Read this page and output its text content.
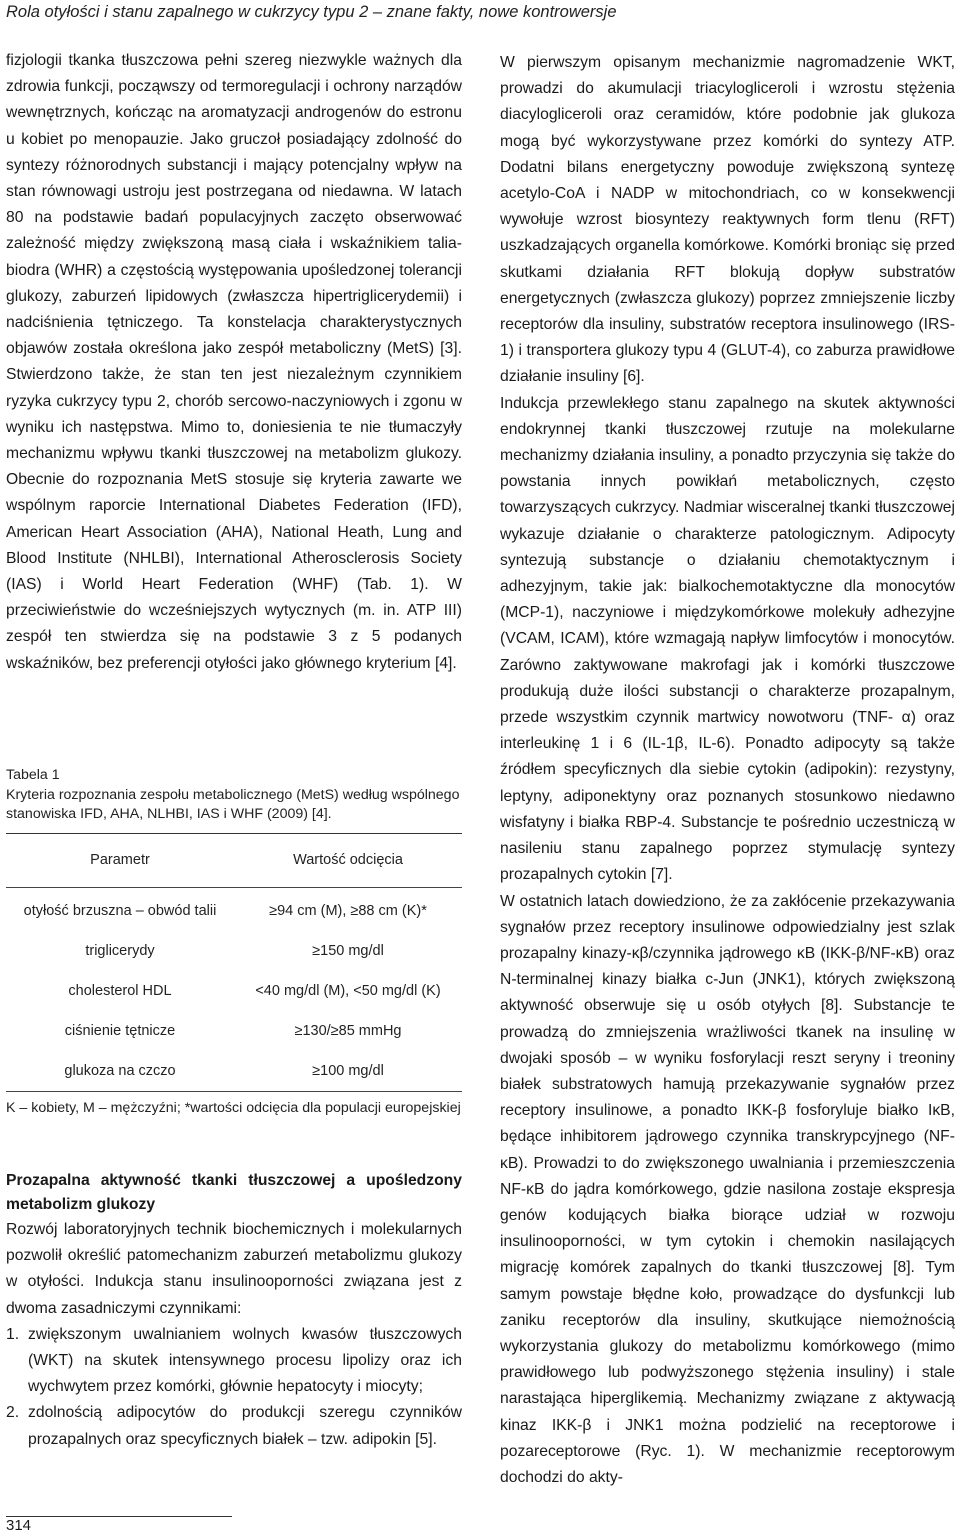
Rola otyłości i stanu zapalnego w cukrzycy typu 2 – znane fakty, nowe kontrowersje

fizjologii tkanka tłuszczowa pełni szereg niezwykle ważnych dla zdrowia funkcji, począwszy od termoregulacji i ochrony narządów wewnętrznych, kończąc na aromatyzacji androgenów do estronu u kobiet po menopauzie. Jako gruczoł posiadający zdolność do syntezy różnorodnych substancji i mający potencjalny wpływ na stan równowagi ustroju jest postrzegana od niedawna. W latach 80 na podstawie badań populacyjnych zaczęto obserwować zależność między zwiększoną masą ciała i wskaźnikiem talia-biodra (WHR) a częstością występowania upośledzonej tolerancji glukozy, zaburzeń lipidowych (zwłaszcza hipertriglicerydemii) i nadciśnienia tętniczego. Ta konstelacja charakterystycznych objawów została określona jako zespół metaboliczny (MetS) [3]. Stwierdzono także, że stan ten jest niezależnym czynnikiem ryzyka cukrzycy typu 2, chorób sercowo-naczyniowych i zgonu w wyniku ich następstwa. Mimo to, doniesienia te nie tłumaczyły mechanizmu wpływu tkanki tłuszczowej na metabolizm glukozy. Obecnie do rozpoznania MetS stosuje się kryteria zawarte we wspólnym raporcie International Diabetes Federation (IFD), American Heart Association (AHA), National Heath, Lung and Blood Institute (NHLBI), International Atherosclerosis Society (IAS) i World Heart Federation (WHF) (Tab. 1). W przeciwieństwie do wcześniejszych wytycznych (m. in. ATP III) zespół ten stwierdza się na podstawie 3 z 5 podanych wskaźników, bez preferencji otyłości jako głównego kryterium [4].

Tabela 1
Kryteria rozpoznania zespołu metabolicznego (MetS) według wspólnego stanowiska IFD, AHA, NLHBI, IAS i WHF (2009) [4].
Parametr	Wartość odcięcia
otyłość brzuszna – obwód talii	≥94 cm (M), ≥88 cm (K)*
triglicerydy	≥150 mg/dl
cholesterol HDL	<40 mg/dl (M), <50 mg/dl (K)
ciśnienie tętnicze	≥130/≥85 mmHg
glukoza na czczo	≥100 mg/dl
K – kobiety, M – mężczyźni; *wartości odcięcia dla populacji europejskiej
Prozapalna aktywność tkanki tłuszczowej a upośledzony metabolizm glukozy

Rozwój laboratoryjnych technik biochemicznych i molekularnych pozwolił określić patomechanizm zaburzeń metabolizmu glukozy w otyłości. Indukcja stanu insulinooporności związana jest z dwoma zasadniczymi czynnikami:

1. zwiększonym uwalnianiem wolnych kwasów tłuszczowych (WKT) na skutek intensywnego procesu lipolizy oraz ich wychwytem przez komórki, głównie hepatocyty i miocyty;
2. zdolnością adipocytów do produkcji szeregu czynników prozapalnych oraz specyficznych białek – tzw. adipokin [5].

W pierwszym opisanym mechanizmie nagromadzenie WKT, prowadzi do akumulacji triacylogliceroli i wzrostu stężenia diacylogliceroli oraz ceramidów, które podobnie jak glukoza mogą być wykorzystywane przez komórki do syntezy ATP. Dodatni bilans energetyczny powoduje zwiększoną syntezę acetylo-CoA i NADP w mitochondriach, co w konsekwencji wywołuje wzrost biosyntezy reaktywnych form tlenu (RFT) uszkadzających organella komórkowe. Komórki broniąc się przed skutkami działania RFT blokują dopływ substratów energetycznych (zwłaszcza glukozy) poprzez zmniejszenie liczby receptorów dla insuliny, substratów receptora insulinowego (IRS-1) i transportera glukozy typu 4 (GLUT-4), co zaburza prawidłowe działanie insuliny [6].

Indukcja przewlekłego stanu zapalnego na skutek aktywności endokrynnej tkanki tłuszczowej rzutuje na molekularne mechanizmy działania insuliny, a ponadto przyczynia się także do powstania innych powikłań metabolicznych, często towarzyszących cukrzycy. Nadmiar wisceralnej tkanki tłuszczowej wykazuje działanie o charakterze patologicznym. Adipocyty syntezują substancje o działaniu chemotaktycznym i adhezyjnym, takie jak: bialkochemotaktyczne dla monocytów (MCP-1), naczyniowe i międzykomórkowe molekuły adhezyjne (VCAM, ICAM), które wzmagają napływ limfocytów i monocytów. Zarówno zaktywowane makrofagi jak i komórki tłuszczowe produkują duże ilości substancji o charakterze prozapalnym, przede wszystkim czynnik martwicy nowotworu (TNF- α) oraz interleukinę 1 i 6 (IL-1β, IL-6). Ponadto adipocyty są także źródłem specyficznych dla siebie cytokin (adipokin): rezystyny, leptyny, adiponektyny oraz poznanych stosunkowo niedawno wisfatyny i białka RBP-4. Substancje te pośrednio uczestniczą w nasileniu stanu zapalnego poprzez stymulację syntezy prozapalnych cytokin [7].

W ostatnich latach dowiedziono, że za zakłócenie przekazywania sygnałów przez receptory insulinowe odpowiedzialny jest szlak prozapalny kinazy-κβ/czynnika jądrowego κB (IKK-β/NF-κB) oraz N-terminalnej kinazy białka c-Jun (JNK1), których zwiększoną aktywność obserwuje się u osób otyłych [8]. Substancje te prowadzą do zmniejszenia wrażliwości tkanek na insulinę w dwojaki sposób – w wyniku fosforylacji reszt seryny i treoniny białek substratowych hamują przekazywanie sygnałów przez receptory insulinowe, a ponadto IKK-β fosforyluje białko IκB, będące inhibitorem jądrowego czynnika transkrypcyjnego (NF-κB). Prowadzi to do zwiększonego uwalniania i przemieszczenia NF-κB do jądra komórkowego, gdzie nasilona zostaje ekspresja genów kodujących białka biorące udział w rozwoju insulinooporności, w tym cytokin i chemokin nasilających migrację komórek zapalnych do tkanki tłuszczowej [8]. Tym samym powstaje błędne koło, prowadzące do dysfunkcji lub zaniku receptorów dla insuliny, skutkujące niemożnością wykorzystania glukozy do metabolizmu komórkowego (mimo prawidłowego lub podwyższonego stężenia insuliny) i stale narastająca hiperglikemią. Mechanizmy związane z aktywacją kinaz IKK-β i JNK1 można podzielić na receptorowe i pozareceptorowe (Ryc. 1). W mechanizmie receptorowym dochodzi do akty-

314
